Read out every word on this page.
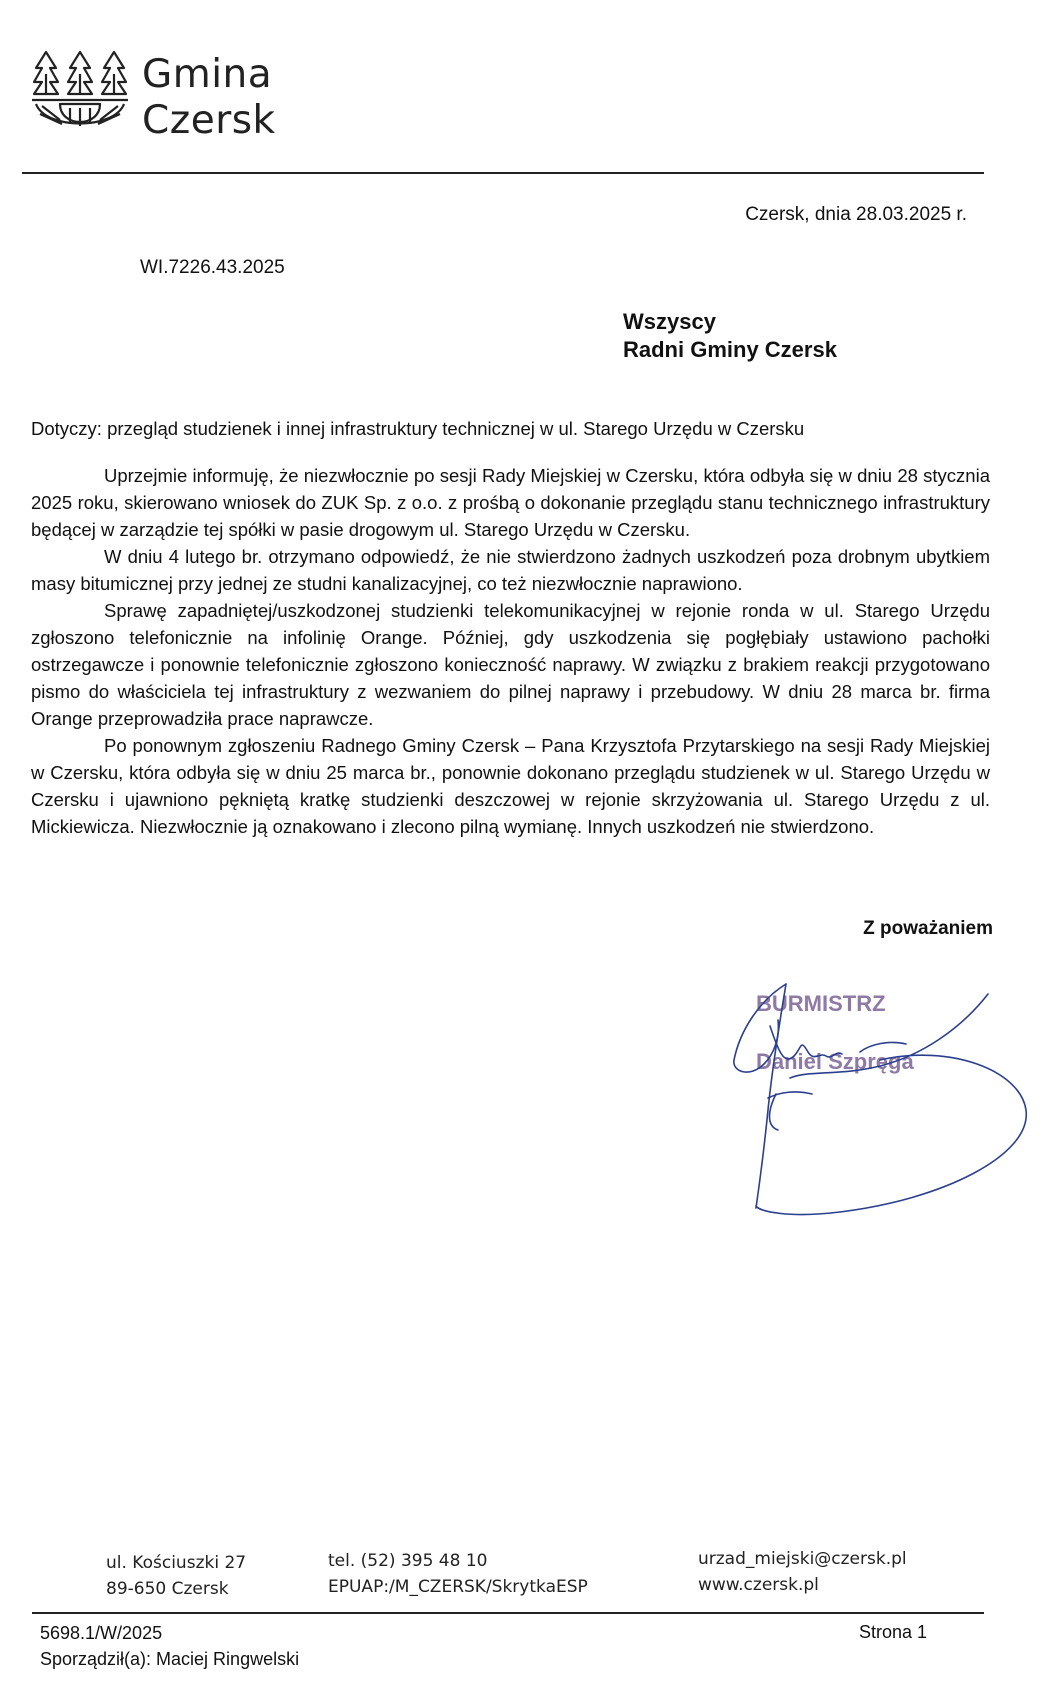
Gmina
Czersk
Czersk, dnia 28.03.2025 r.
WI.7226.43.2025
Wszyscy
Radni Gminy Czersk
Dotyczy: przegląd studzienek i innej infrastruktury technicznej w ul. Starego Urzędu w Czersku

Uprzejmie informuję, że niezwłocznie po sesji Rady Miejskiej w Czersku, która odbyła się w dniu 28 stycznia 2025 roku, skierowano wniosek do ZUK Sp. z o.o. z prośbą o dokonanie przeglądu stanu technicznego infrastruktury będącej w zarządzie tej spółki w pasie drogowym ul. Starego Urzędu w Czersku.

W dniu 4 lutego br. otrzymano odpowiedź, że nie stwierdzono żadnych uszkodzeń poza drobnym ubytkiem masy bitumicznej przy jednej ze studni kanalizacyjnej, co też niezwłocznie naprawiono.

Sprawę zapadniętej/uszkodzonej studzienki telekomunikacyjnej w rejonie ronda w ul. Starego Urzędu zgłoszono telefonicznie na infolinię Orange. Później, gdy uszkodzenia się pogłębiały ustawiono pachołki ostrzegawcze i ponownie telefonicznie zgłoszono konieczność naprawy. W związku z brakiem reakcji przygotowano pismo do właściciela tej infrastruktury z wezwaniem do pilnej naprawy i przebudowy. W dniu 28 marca br. firma Orange przeprowadziła prace naprawcze.

Po ponownym zgłoszeniu Radnego Gminy Czersk – Pana Krzysztofa Przytarskiego na sesji Rady Miejskiej w Czersku, która odbyła się w dniu 25 marca br., ponownie dokonano przeglądu studzienek w ul. Starego Urzędu w Czersku i ujawniono pękniętą kratkę studzienki deszczowej w rejonie skrzyżowania ul. Starego Urzędu z ul. Mickiewicza. Niezwłocznie ją oznakowano i zlecono pilną wymianę. Innych uszkodzeń nie stwierdzono.

Z poważaniem
BURMISTRZ
Daniel Szpręga
ul. Kościuszki 27
89-650 Czersk
tel. (52) 395 48 10
EPUAP:/M_CZERSK/SkrytkaESP
urzad_miejski@czersk.pl
www.czersk.pl
5698.1/W/2025
Sporządził(a): Maciej Ringwelski
Strona 1
